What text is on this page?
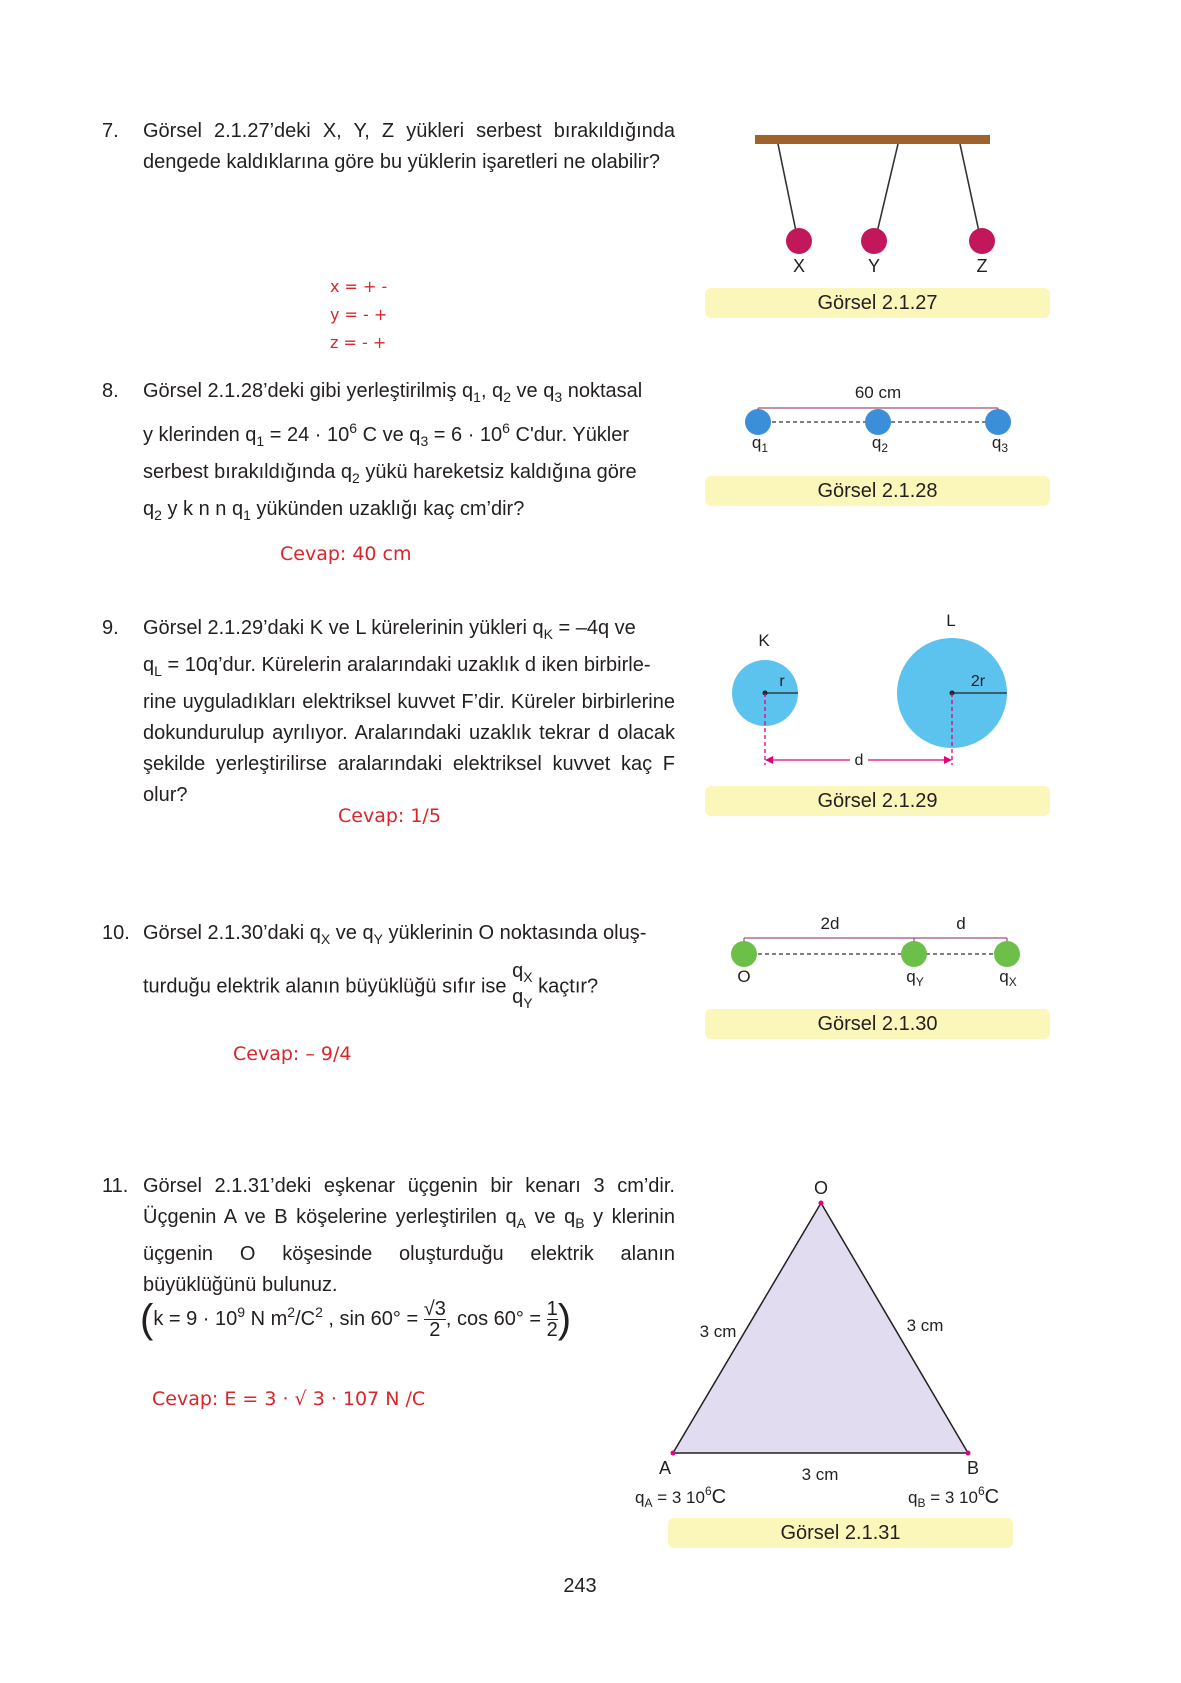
7. Görsel 2.1.27’deki X, Y, Z yükleri serbest bırakıldığında dengede kaldıklarına göre bu yüklerin işaretleri ne olabilir?
x = + -
y = - +
z = - +
X	Y	Z
Görsel 2.1.27
8. Görsel 2.1.28’deki gibi yerleştirilmiş $q_1$, $q_2$ ve $q_3$ noktasal
y klerinden $q_1 = 24 \cdot 10^6$ C ve $q_3 = 6 \cdot 10^6$ C'dur. Yükler
serbest bırakıldığında $q_2$ yükü hareketsiz kaldığına göre
$q_2$ y k n n $q_1$ yükünden uzaklığı kaç cm’dir?
Cevap: 40 cm
60 cm
$q_1$	$q_2$	$q_3$
Görsel 2.1.28
9. Görsel 2.1.29’daki K ve L kürelerinin yükleri $q_K = -4q$ ve
$q_L$ = 10q’dur. Kürelerin aralarındaki uzaklık d iken birbirle-
rine uyguladıkları elektriksel kuvvet F’dir. Küreler birbirlerine dokundurulup ayrılıyor. Aralarındaki uzaklık tekrar d olacak şekilde yerleştirilirse aralarındaki elektriksel kuvvet kaç F olur?
Cevap: 1/5
K
L
r	2r
d
Görsel 2.1.29
10. Görsel 2.1.30’daki $q_X$ ve $q_Y$ yüklerinin O noktasında oluş-
turduğu elektrik alanın büyüklüğü sıfır ise
$q_X$
$q_Y$
kaçtır?
Cevap: – 9/4
2d	d
O	$q_Y$	$q_X$
Görsel 2.1.30
11. Görsel 2.1.31’deki eşkenar üçgenin bir kenarı 3 cm’dir. Üçgenin A ve B köşelerine yerleştirilen $q_A$ ve $q_B$ y klerinin üçgenin O köşesinde oluşturduğu elektrik alanın büyüklüğünü bulunuz.
($k = 9 \cdot 10^9$ N $m^2/C^2$ , $\sin 60^\circ = \frac{√3}{2}$ , $\cos 60^\circ = \frac{1}{2}$ )
Cevap: E = 3 · √ 3 · 107 N /C
O
A	B
3 cm	3 cm
3 cm
$q_A = 3$ $10^6C$	$q_B = 3$ $10^6C$
Görsel 2.1.31
243
